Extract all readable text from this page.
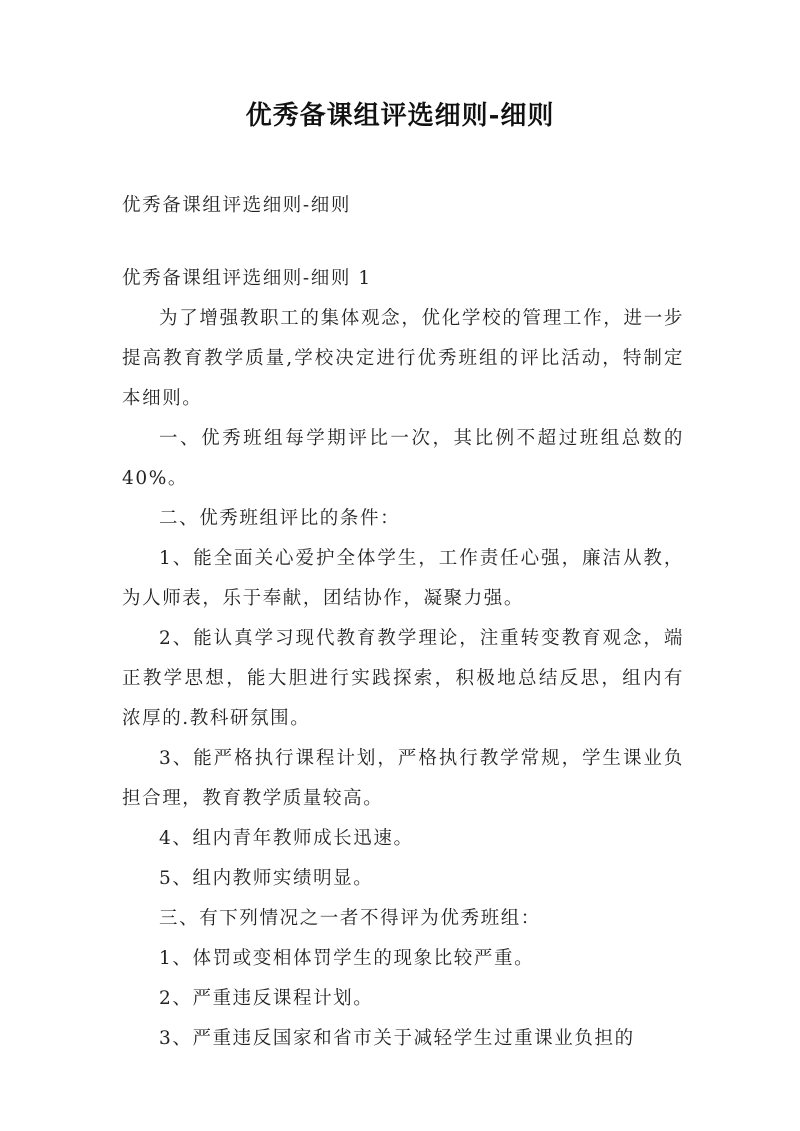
优秀备课组评选细则-细则

优秀备课组评选细则-细则

优秀备课组评选细则-细则 1

为了增强教职工的集体观念，优化学校的管理工作，进一步提高教育教学质量,学校决定进行优秀班组的评比活动，特制定本细则。

一、优秀班组每学期评比一次，其比例不超过班组总数的 40%。

二、优秀班组评比的条件：

1、能全面关心爱护全体学生，工作责任心强，廉洁从教，为人师表，乐于奉献，团结协作，凝聚力强。

2、能认真学习现代教育教学理论，注重转变教育观念，端正教学思想，能大胆进行实践探索，积极地总结反思，组内有浓厚的.教科研氛围。

3、能严格执行课程计划，严格执行教学常规，学生课业负担合理，教育教学质量较高。

4、组内青年教师成长迅速。

5、组内教师实绩明显。

三、有下列情况之一者不得评为优秀班组：

1、体罚或变相体罚学生的现象比较严重。

2、严重违反课程计划。

3、严重违反国家和省市关于减轻学生过重课业负担的
